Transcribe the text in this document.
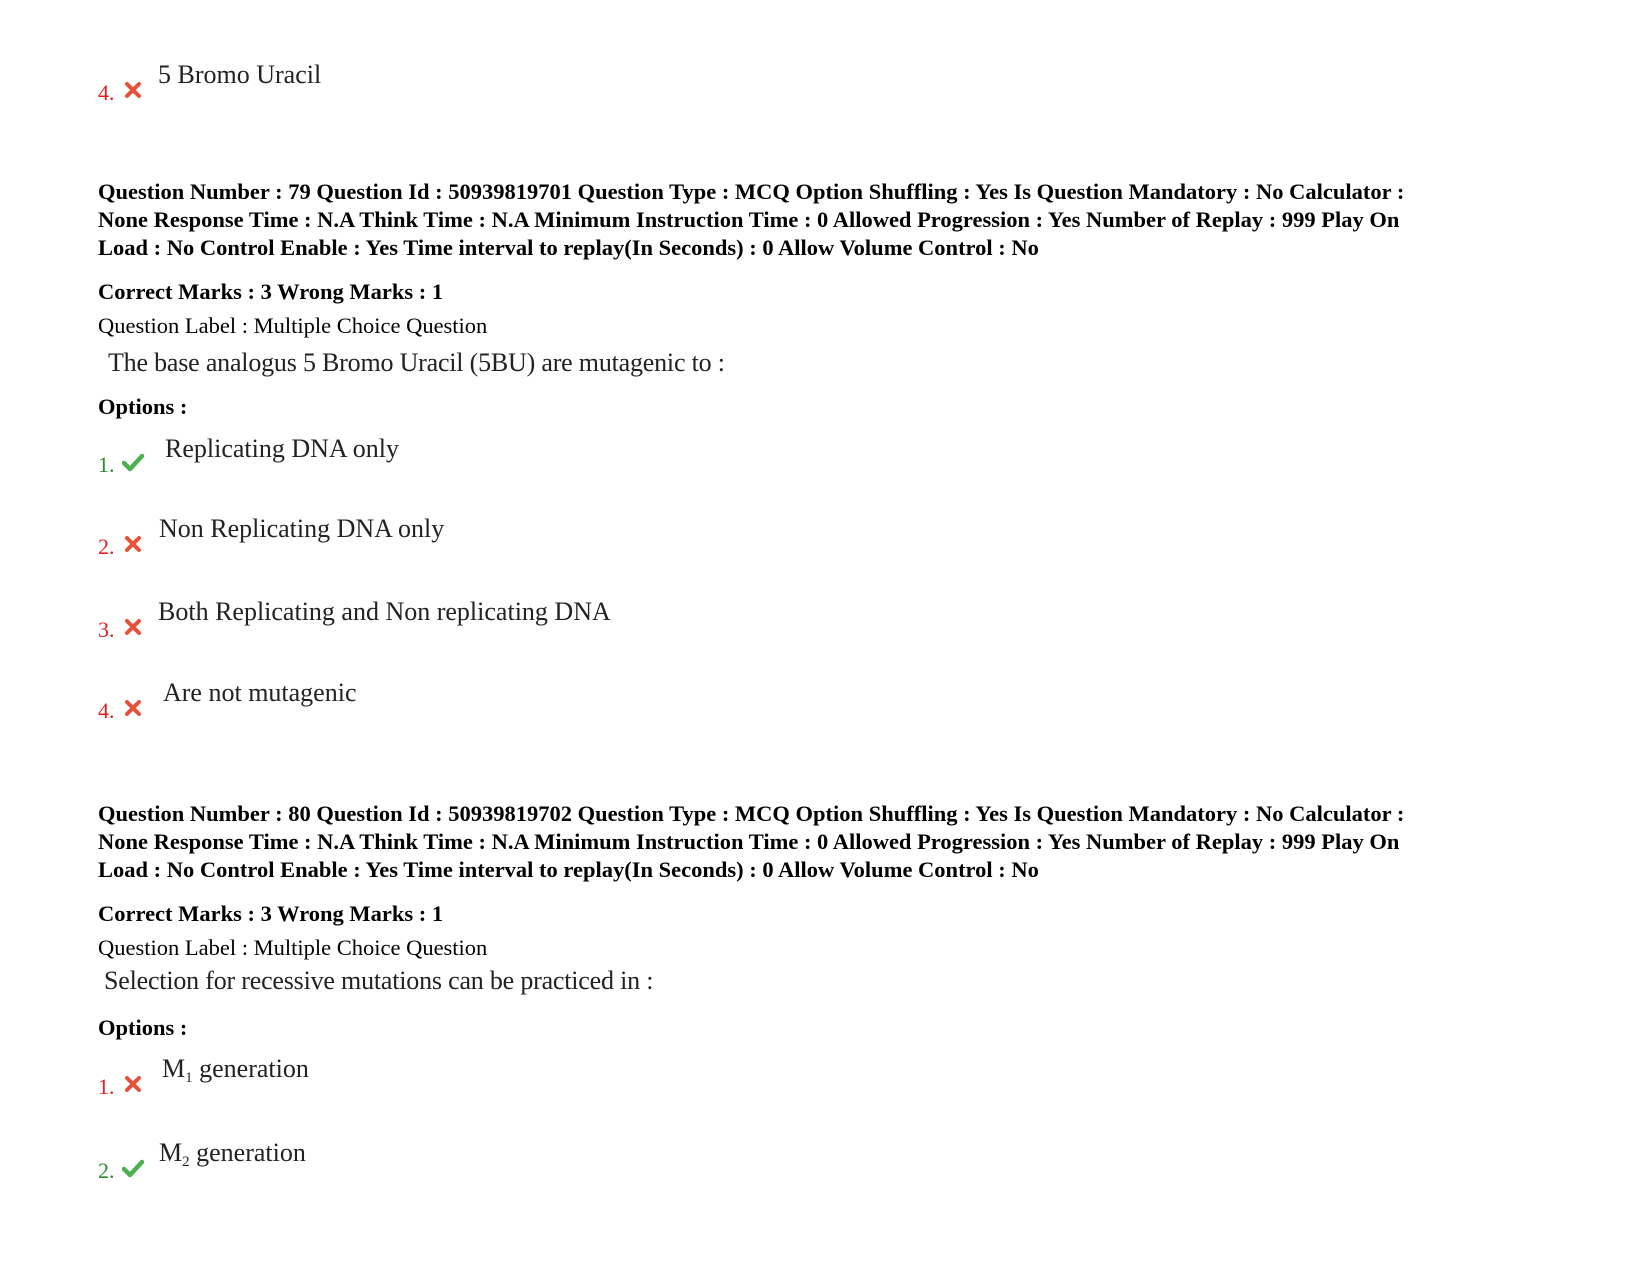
4.
5 Bromo Uracil
Question Number : 79 Question Id : 50939819701 Question Type : MCQ Option Shuffling : Yes Is Question Mandatory : No Calculator :
None Response Time : N.A Think Time : N.A Minimum Instruction Time : 0 Allowed Progression : Yes Number of Replay : 999 Play On
Load : No Control Enable : Yes Time interval to replay(In Seconds) : 0 Allow Volume Control : No
Correct Marks : 3 Wrong Marks : 1
Question Label : Multiple Choice Question
The base analogus 5 Bromo Uracil (5BU) are mutagenic to :
Options :
1.
Replicating DNA only
2.
Non Replicating DNA only
3.
Both Replicating and Non replicating DNA
4.
Are not mutagenic
Question Number : 80 Question Id : 50939819702 Question Type : MCQ Option Shuffling : Yes Is Question Mandatory : No Calculator :
None Response Time : N.A Think Time : N.A Minimum Instruction Time : 0 Allowed Progression : Yes Number of Replay : 999 Play On
Load : No Control Enable : Yes Time interval to replay(In Seconds) : 0 Allow Volume Control : No
Correct Marks : 3 Wrong Marks : 1
Question Label : Multiple Choice Question
Selection for recessive mutations can be practiced in :
Options :
1.
$M_1$ generation
2.
$M_2$ generation
